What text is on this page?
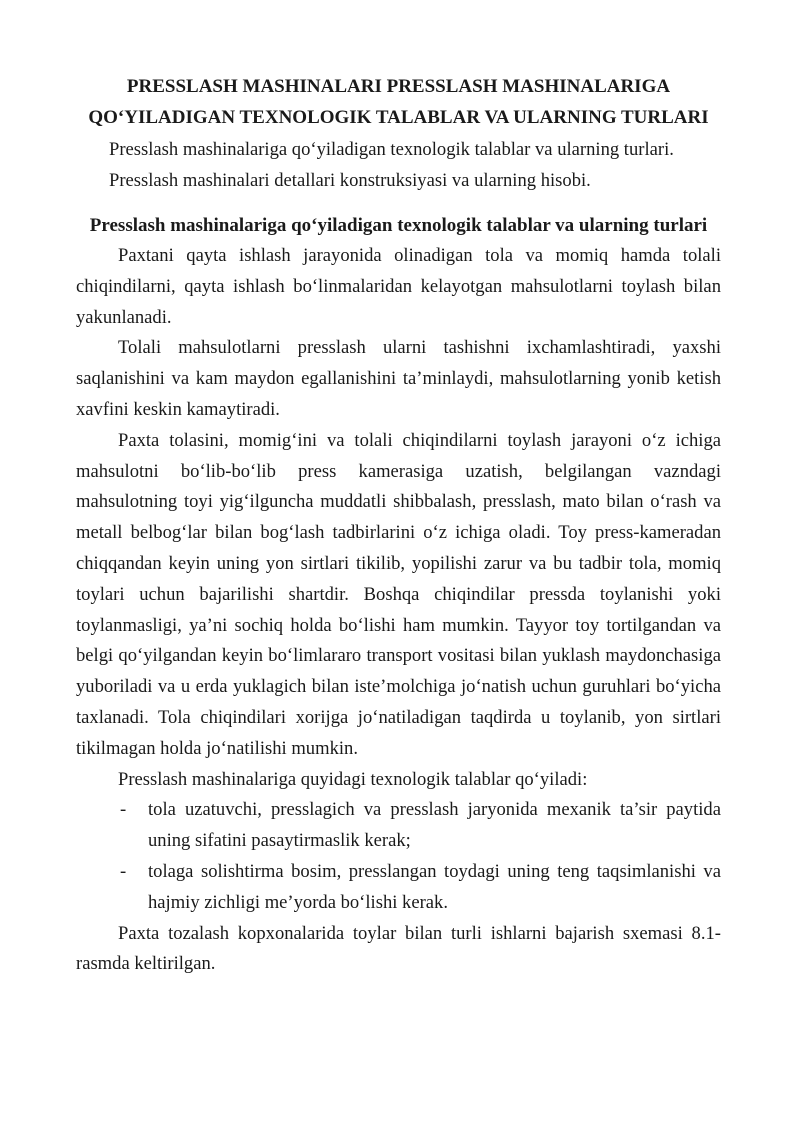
PRESSLASH MASHINALARI PRESSLASH MASHINALARIGA QO‘YILADIGAN TEXNOLOGIK TALABLAR VA ULARNING TURLARI

Presslash mashinalariga qo‘yiladigan texnologik talablar va ularning turlari.

Presslash mashinalari detallari konstruksiyasi va ularning hisobi.

Presslash mashinalariga qo‘yiladigan texnologik talablar va ularning turlari

Paxtani qayta ishlash jarayonida olinadigan tola va momiq hamda tolali chiqindilarni, qayta ishlash bo‘linmalaridan kelayotgan mahsulotlarni toylash bilan yakunlanadi.

Tolali mahsulotlarni presslash ularni tashishni ixchamlashtiradi, yaxshi saqlanishini va kam maydon egallanishini ta’minlaydi, mahsulotlarning yonib ketish xavfini keskin kamaytiradi.

Paxta tolasini, momig‘ini va tolali chiqindilarni toylash jarayoni o‘z ichiga mahsulotni bo‘lib-bo‘lib press kamerasiga uzatish, belgilangan vazndagi mahsulotning toyi yig‘ilguncha muddatli shibbalash, presslash, mato bilan o‘rash va metall belbog‘lar bilan bog‘lash tadbirlarini o‘z ichiga oladi. Toy press-kameradan chiqqandan keyin uning yon sirtlari tikilib, yopilishi zarur va bu tadbir tola, momiq toylari uchun bajarilishi shartdir. Boshqa chiqindilar pressda toylanishi yoki toylanmasligi, ya’ni sochiq holda bo‘lishi ham mumkin. Tayyor toy tortilgandan va belgi qo‘yilgandan keyin bo‘limlararo transport vositasi bilan yuklash maydonchasiga yuboriladi va u erda yuklagich bilan iste’molchiga jo‘natish uchun guruhlari bo‘yicha taxlanadi. Tola chiqindilari xorijga jo‘natiladigan taqdirda u toylanib, yon sirtlari tikilmagan holda jo‘natilishi mumkin.

Presslash mashinalariga quyidagi texnologik talablar qo‘yiladi:

- tola uzatuvchi, presslagich va presslash jaryonida mexanik ta’sir paytida uning sifatini pasaytirmaslik kerak;
- tolaga solishtirma bosim, presslangan toydagi uning teng taqsimlanishi va hajmiy zichligi me’yorda bo‘lishi kerak.

Paxta tozalash kopxonalarida toylar bilan turli ishlarni bajarish sxemasi 8.1-rasmda keltirilgan.
